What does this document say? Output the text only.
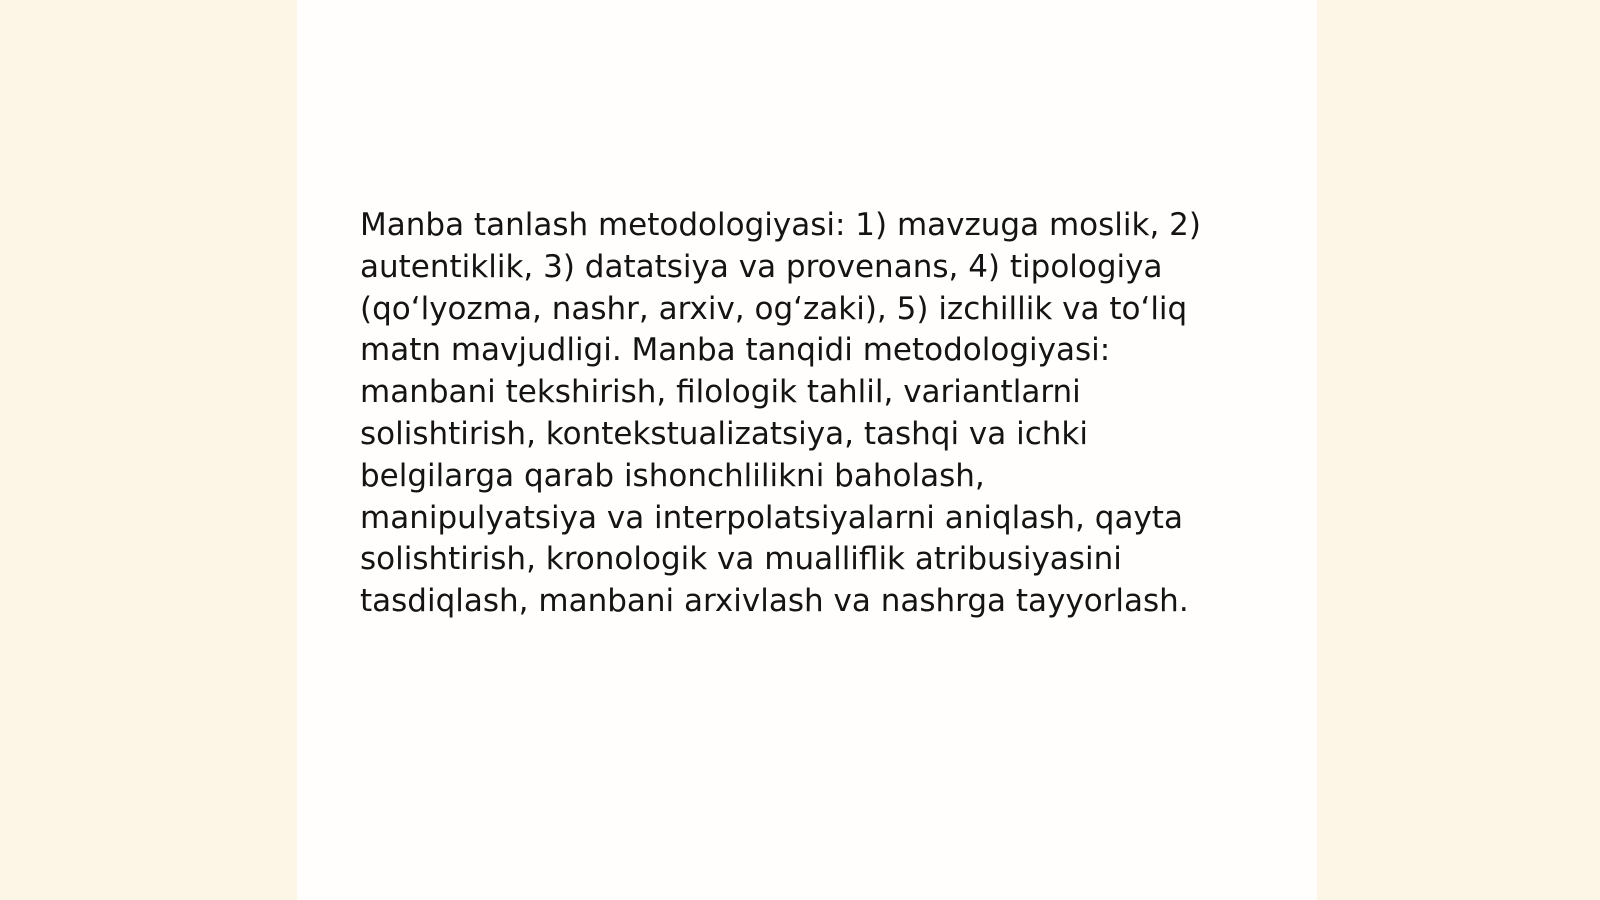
Manba tanlash metodologiyasi: 1) mavzuga moslik, 2)
autentiklik, 3) datatsiya va provenans, 4) tipologiya
(qo‘lyozma, nashr, arxiv, og‘zaki), 5) izchillik va to‘liq
matn mavjudligi. Manba tanqidi metodologiyasi:
manbani tekshirish, filologik tahlil, variantlarni
solishtirish, kontekstualizatsiya, tashqi va ichki
belgilarga qarab ishonchlilikni baholash,
manipulyatsiya va interpolatsiyalarni aniqlash, qayta
solishtirish, kronologik va mualliflik atribusiyasini
tasdiqlash, manbani arxivlash va nashrga tayyorlash.
